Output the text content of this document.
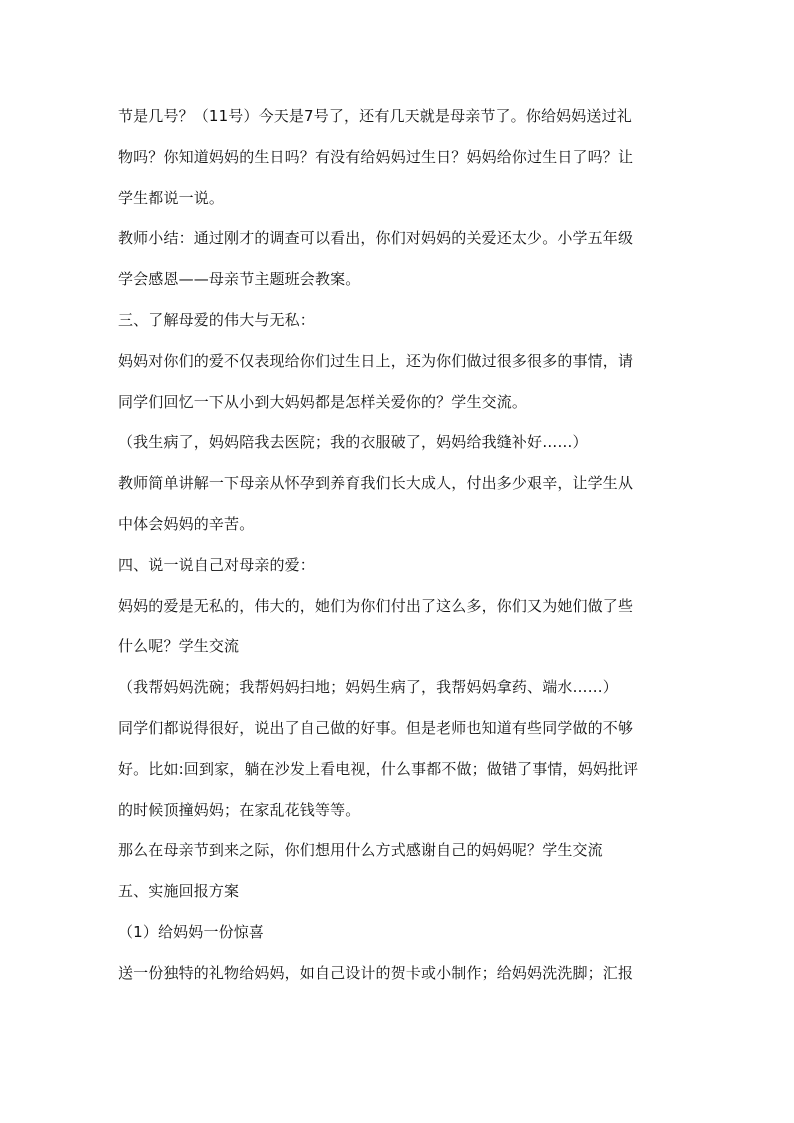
节是几号？（11号）今天是7号了，还有几天就是母亲节了。你给妈妈送过礼
物吗？你知道妈妈的生日吗？有没有给妈妈过生日？妈妈给你过生日了吗？让
学生都说一说。
教师小结：通过刚才的调查可以看出，你们对妈妈的关爱还太少。小学五年级
学会感恩——母亲节主题班会教案。
三、了解母爱的伟大与无私：
妈妈对你们的爱不仅表现给你们过生日上，还为你们做过很多很多的事情，请
同学们回忆一下从小到大妈妈都是怎样关爱你的？学生交流。
（我生病了，妈妈陪我去医院；我的衣服破了，妈妈给我缝补好……）
教师简单讲解一下母亲从怀孕到养育我们长大成人，付出多少艰辛，让学生从
中体会妈妈的辛苦。
四、说一说自己对母亲的爱：
妈妈的爱是无私的，伟大的，她们为你们付出了这么多，你们又为她们做了些
什么呢？学生交流
（我帮妈妈洗碗；我帮妈妈扫地；妈妈生病了，我帮妈妈拿药、端水……）
同学们都说得很好，说出了自己做的好事。但是老师也知道有些同学做的不够
好。比如:回到家，躺在沙发上看电视，什么事都不做；做错了事情，妈妈批评
的时候顶撞妈妈；在家乱花钱等等。
那么在母亲节到来之际，你们想用什么方式感谢自己的妈妈呢？学生交流
五、实施回报方案
（1）给妈妈一份惊喜
送一份独特的礼物给妈妈，如自己设计的贺卡或小制作；给妈妈洗洗脚；汇报
